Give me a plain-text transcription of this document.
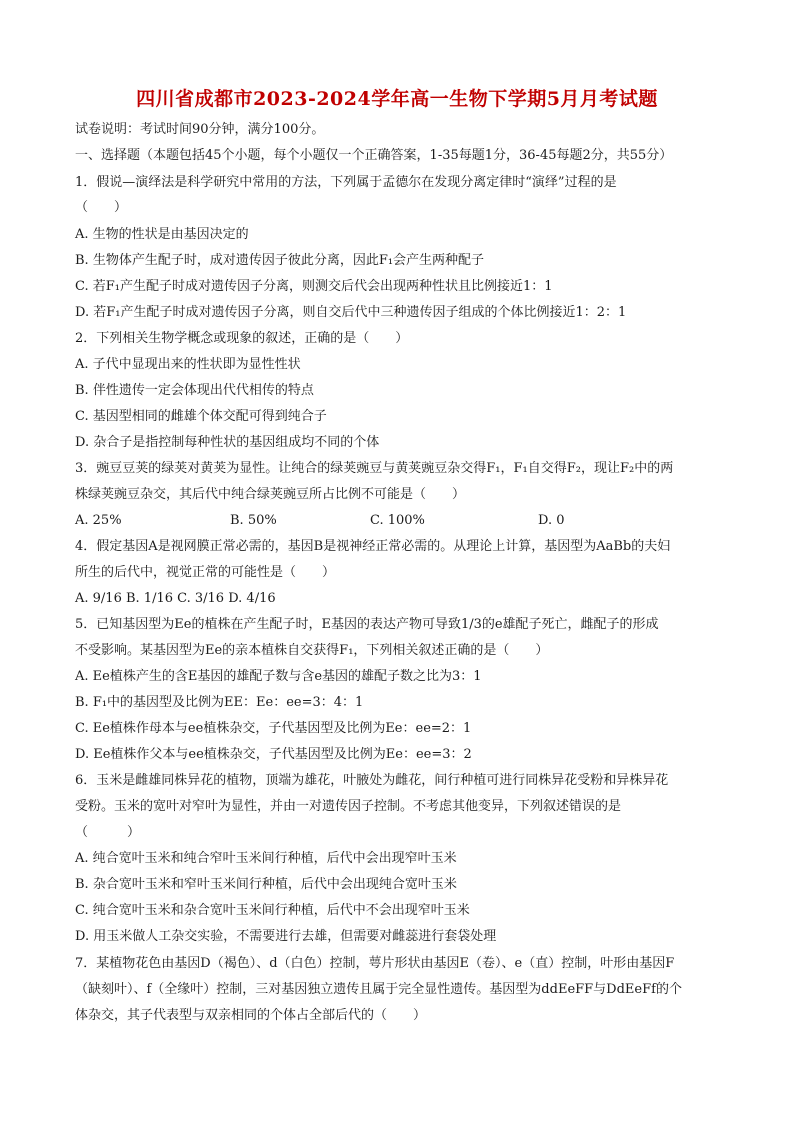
四川省成都市2023-2024学年高一生物下学期5月月考试题
试卷说明：考试时间90分钟，满分100分。
一、选择题（本题包括45个小题，每个小题仅一个正确答案，1-35每题1分，36-45每题2分，共55分）
1．假说—演绎法是科学研究中常用的方法，下列属于孟德尔在发现分离定律时“演绎”过程的是
（　　）
A. 生物的性状是由基因决定的
B. 生物体产生配子时，成对遗传因子彼此分离，因此F₁会产生两种配子
C. 若F₁产生配子时成对遗传因子分离，则测交后代会出现两种性状且比例接近1：1
D. 若F₁产生配子时成对遗传因子分离，则自交后代中三种遗传因子组成的个体比例接近1：2：1
2．下列相关生物学概念或现象的叙述，正确的是（　　）
A. 子代中显现出来的性状即为显性性状
B. 伴性遗传一定会体现出代代相传的特点
C. 基因型相同的雌雄个体交配可得到纯合子
D. 杂合子是指控制每种性状的基因组成均不同的个体
3．豌豆豆荚的绿荚对黄荚为显性。让纯合的绿荚豌豆与黄荚豌豆杂交得F₁，F₁自交得F₂，现让F₂中的两
株绿荚豌豆杂交，其后代中纯合绿荚豌豆所占比例不可能是（　　）
A. 25%	B. 50%	C. 100%	D. 0
4．假定基因A是视网膜正常必需的，基因B是视神经正常必需的。从理论上计算，基因型为AaBb的夫妇
所生的后代中，视觉正常的可能性是（　　）
A. 9/16 B. 1/16 C. 3/16 D. 4/16
5．已知基因型为Ee的植株在产生配子时，E基因的表达产物可导致1/3的e雄配子死亡，雌配子的形成
不受影响。某基因型为Ee的亲本植株自交获得F₁，下列相关叙述正确的是（　　）
A. Ee植株产生的含E基因的雄配子数与含e基因的雄配子数之比为3：1
B. F₁中的基因型及比例为EE：Ee：ee=3：4：1
C. Ee植株作母本与ee植株杂交，子代基因型及比例为Ee：ee=2：1
D. Ee植株作父本与ee植株杂交，子代基因型及比例为Ee：ee=3：2
6．玉米是雌雄同株异花的植物，顶端为雄花，叶腋处为雌花，间行种植可进行同株异花受粉和异株异花
受粉。玉米的宽叶对窄叶为显性，并由一对遗传因子控制。不考虑其他变异，下列叙述错误的是
（　　　）
A. 纯合宽叶玉米和纯合窄叶玉米间行种植，后代中会出现窄叶玉米
B. 杂合宽叶玉米和窄叶玉米间行种植，后代中会出现纯合宽叶玉米
C. 纯合宽叶玉米和杂合宽叶玉米间行种植，后代中不会出现窄叶玉米
D. 用玉米做人工杂交实验，不需要进行去雄，但需要对雌蕊进行套袋处理
7．某植物花色由基因D（褐色）、d（白色）控制，萼片形状由基因E（卷）、e（直）控制，叶形由基因F
（缺刻叶）、f（全缘叶）控制，三对基因独立遗传且属于完全显性遗传。基因型为ddEeFF与DdEeFf的个
体杂交，其子代表型与双亲相同的个体占全部后代的（　　）
